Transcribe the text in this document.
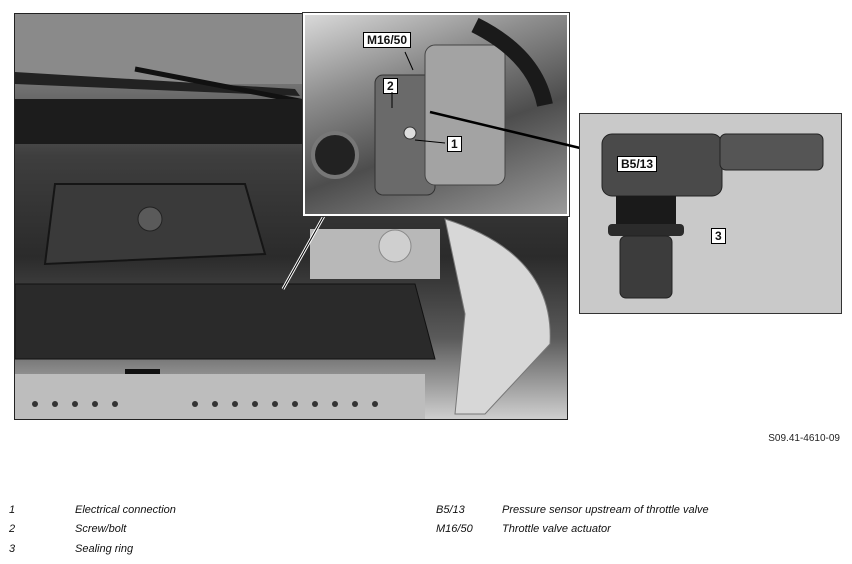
M16/50
2
1
B5/13
3
S09.41-4610-09
1	Electrical connection
2	Screw/bolt
3	Sealing ring
B5/13	Pressure sensor upstream of throttle valve
M16/50	Throttle valve actuator
